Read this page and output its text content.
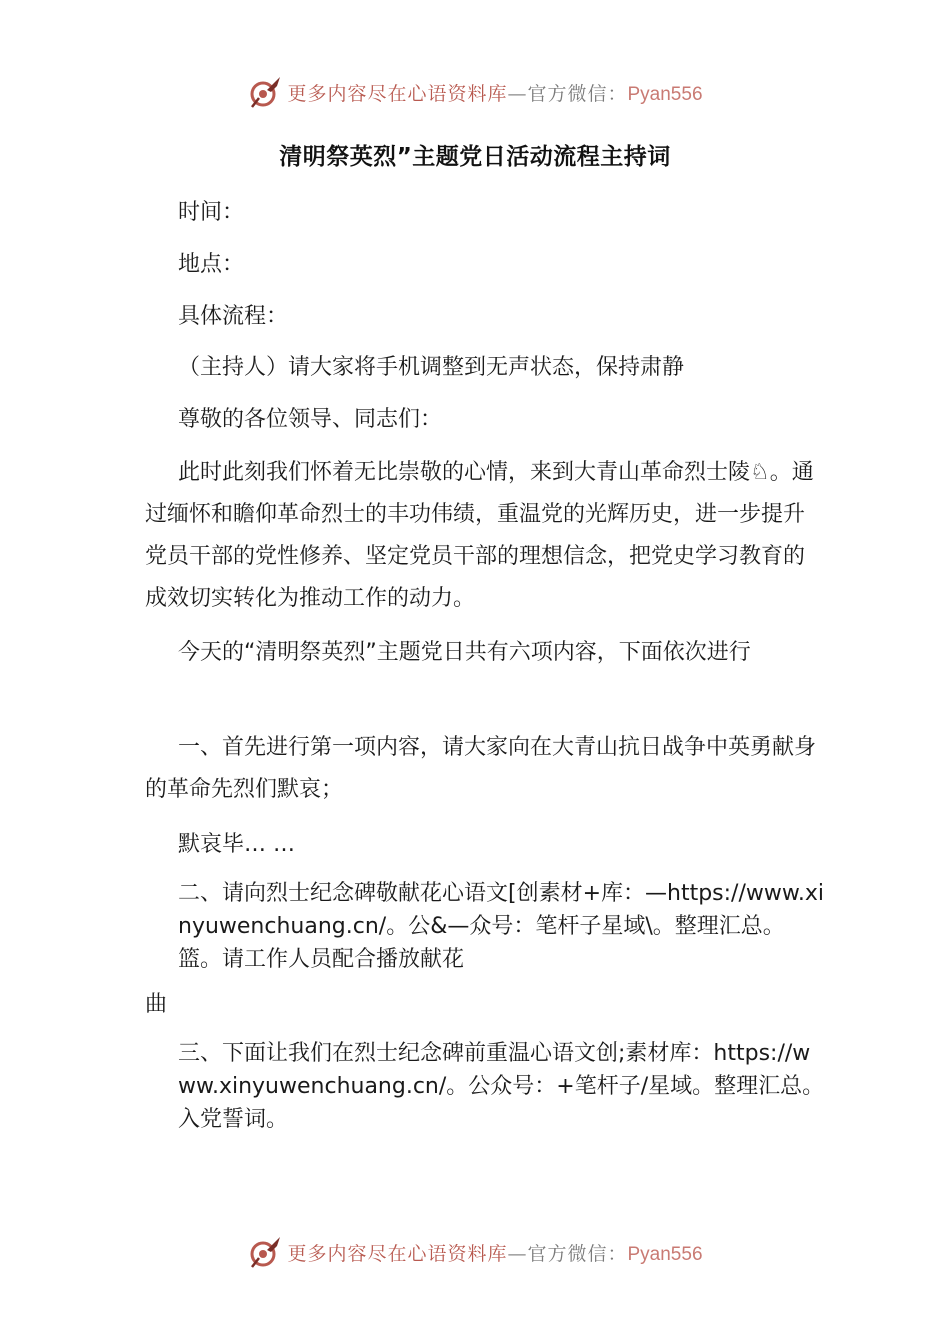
更多内容尽在心语资料库—官方微信：Pyan556
清明祭英烈”主题党日活动流程主持词
时间：
地点：
具体流程：
（主持人）请大家将手机调整到无声状态，保持肃静
尊敬的各位领导、同志们：
此时此刻我们怀着无比崇敬的心情，来到大青山革命烈士陵♘。通过缅怀和瞻仰革命烈士的丰功伟绩，重温党的光辉历史，进一步提升党员干部的党性修养、坚定党员干部的理想信念，把党史学习教育的成效切实转化为推动工作的动力。
今天的“清明祭英烈”主题党日共有六项内容，下面依次进行
一、首先进行第一项内容，请大家向在大青山抗日战争中英勇献身的革命先烈们默哀；
默哀毕… …
二、请向烈士纪念碑敬献花心语文[创素材+库：—https://www.xinyuwenchuang.cn/。公&—众号：笔杆子星域\。整理汇总。篮。请工作人员配合播放献花
曲
三、下面让我们在烈士纪念碑前重温心语文创;素材库：https://www.xinyuwenchuang.cn/。公众号：+笔杆子/星域。整理汇总。入党誓词。
更多内容尽在心语资料库—官方微信：Pyan556
